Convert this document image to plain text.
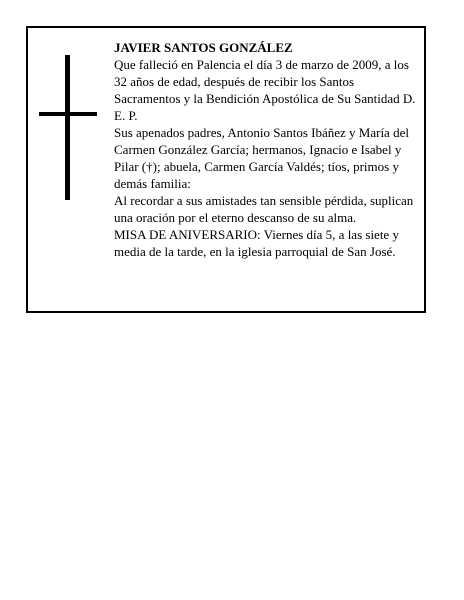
JAVIER SANTOS GONZÁLEZ

Que falleció en Palencia el día 3 de marzo de 2009, a los 32 años de edad, después de recibir los Santos Sacramentos y la Bendición Apostólica de Su Santidad D. E. P.

Sus apenados padres, Antonio Santos Ibáñez y María del Carmen González García; hermanos, Ignacio e Isabel y Pilar (†); abuela, Carmen García Valdés; tíos, primos y demás familia:

Al recordar a sus amistades tan sensible pérdida, suplican una oración por el eterno descanso de su alma.

MISA DE ANIVERSARIO: Viernes día 5, a las siete y media de la tarde, en la iglesia parroquial de San José.
